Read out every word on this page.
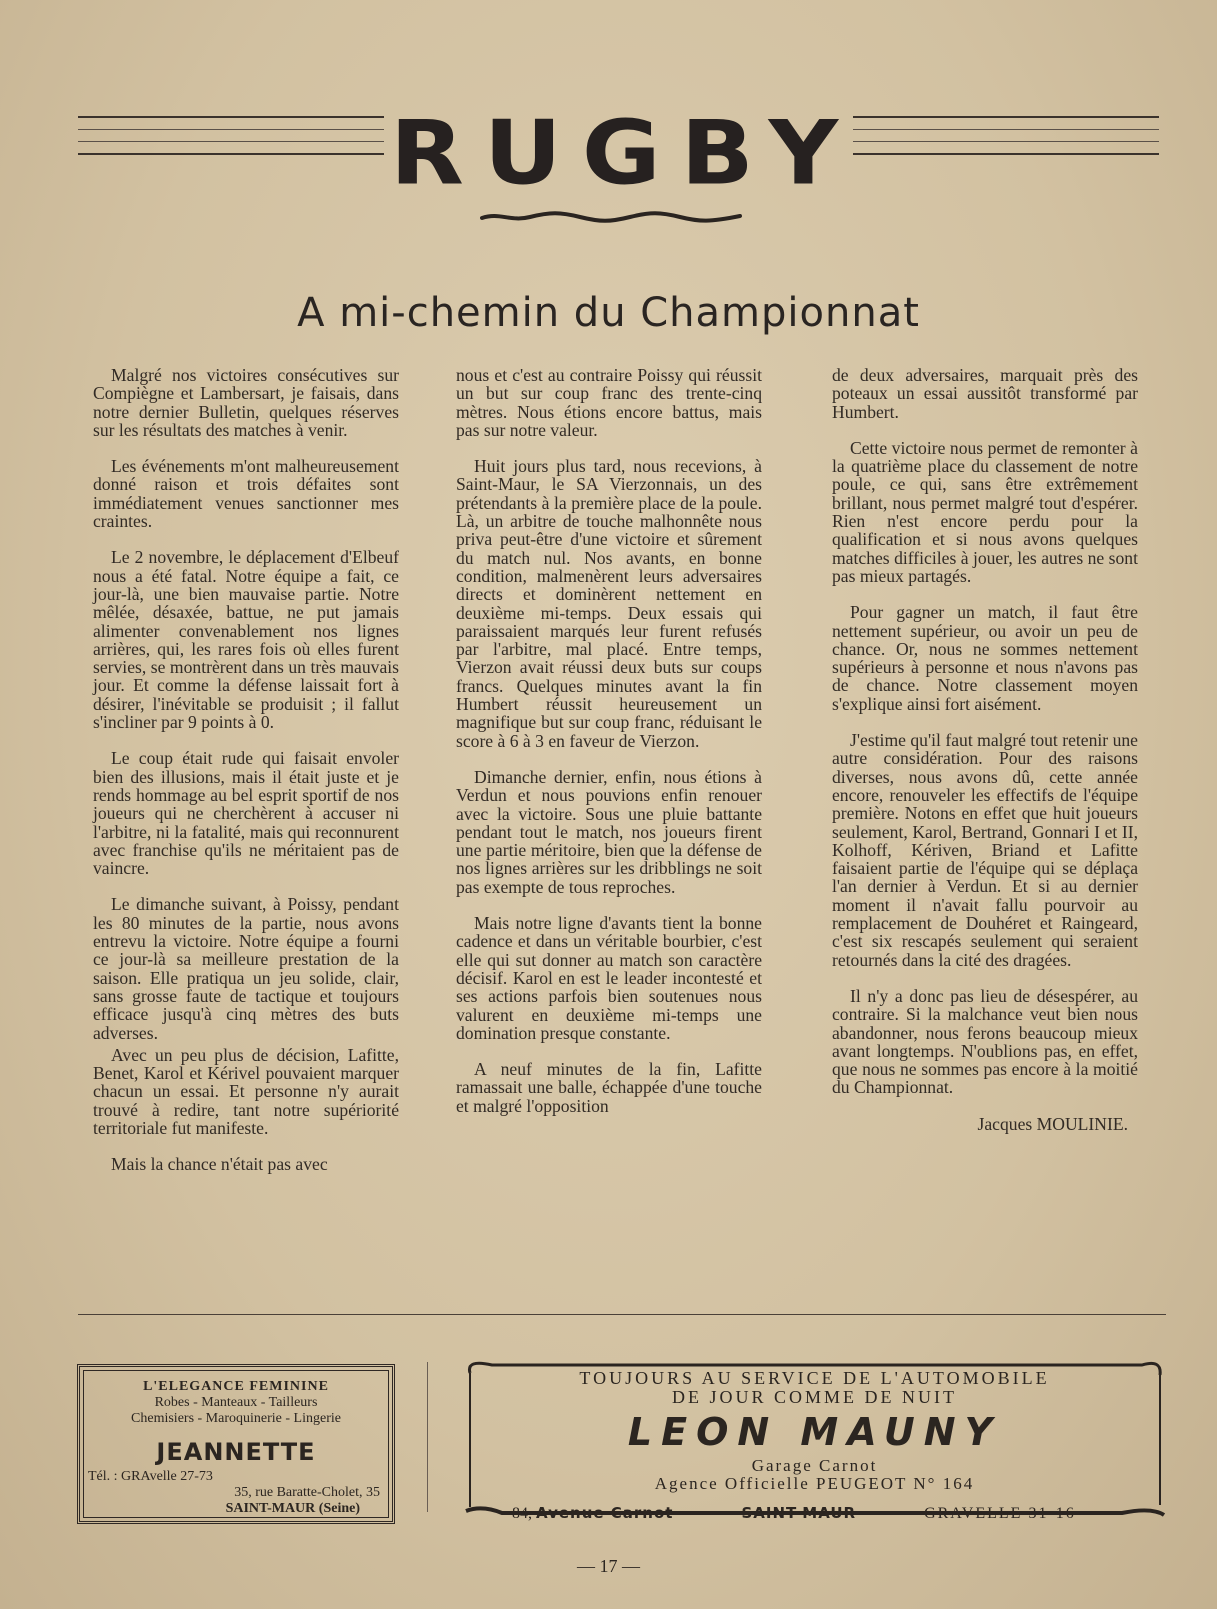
RUGBY
A mi-chemin du Championnat

Malgré nos victoires consécutives sur Compiègne et Lambersart, je faisais, dans notre dernier Bulletin, quelques réserves sur les résultats des matches à venir.

Les événements m'ont malheureusement donné raison et trois défaites sont immédiatement venues sanctionner mes craintes.

Le 2 novembre, le déplacement d'Elbeuf nous a été fatal. Notre équipe a fait, ce jour-là, une bien mauvaise partie. Notre mêlée, désaxée, battue, ne put jamais alimenter convenablement nos lignes arrières, qui, les rares fois où elles furent servies, se montrèrent dans un très mauvais jour. Et comme la défense laissait fort à désirer, l'inévitable se produisit ; il fallut s'incliner par 9 points à 0.

Le coup était rude qui faisait envoler bien des illusions, mais il était juste et je rends hommage au bel esprit sportif de nos joueurs qui ne cherchèrent à accuser ni l'arbitre, ni la fatalité, mais qui reconnurent avec franchise qu'ils ne méritaient pas de vaincre.

Le dimanche suivant, à Poissy, pendant les 80 minutes de la partie, nous avons entrevu la victoire. Notre équipe a fourni ce jour-là sa meilleure prestation de la saison. Elle pratiqua un jeu solide, clair, sans grosse faute de tactique et toujours efficace jusqu'à cinq mètres des buts adverses.

Avec un peu plus de décision, Lafitte, Benet, Karol et Kérivel pouvaient marquer chacun un essai. Et personne n'y aurait trouvé à redire, tant notre supériorité territoriale fut manifeste.

Mais la chance n'était pas avec

nous et c'est au contraire Poissy qui réussit un but sur coup franc des trente-cinq mètres. Nous étions encore battus, mais pas sur notre valeur.

Huit jours plus tard, nous recevions, à Saint-Maur, le SA Vierzonnais, un des prétendants à la première place de la poule. Là, un arbitre de touche malhonnête nous priva peut-être d'une victoire et sûrement du match nul. Nos avants, en bonne condition, malmenèrent leurs adversaires directs et dominèrent nettement en deuxième mi-temps. Deux essais qui paraissaient marqués leur furent refusés par l'arbitre, mal placé. Entre temps, Vierzon avait réussi deux buts sur coups francs. Quelques minutes avant la fin Humbert réussit heureusement un magnifique but sur coup franc, réduisant le score à 6 à 3 en faveur de Vierzon.

Dimanche dernier, enfin, nous étions à Verdun et nous pouvions enfin renouer avec la victoire. Sous une pluie battante pendant tout le match, nos joueurs firent une partie méritoire, bien que la défense de nos lignes arrières sur les dribblings ne soit pas exempte de tous reproches.

Mais notre ligne d'avants tient la bonne cadence et dans un véritable bourbier, c'est elle qui sut donner au match son caractère décisif. Karol en est le leader incontesté et ses actions parfois bien soutenues nous valurent en deuxième mi-temps une domination presque constante.

A neuf minutes de la fin, Lafitte ramassait une balle, échappée d'une touche et malgré l'opposition

de deux adversaires, marquait près des poteaux un essai aussitôt transformé par Humbert.

Cette victoire nous permet de remonter à la quatrième place du classement de notre poule, ce qui, sans être extrêmement brillant, nous permet malgré tout d'espérer. Rien n'est encore perdu pour la qualification et si nous avons quelques matches difficiles à jouer, les autres ne sont pas mieux partagés.

Pour gagner un match, il faut être nettement supérieur, ou avoir un peu de chance. Or, nous ne sommes nettement supérieurs à personne et nous n'avons pas de chance. Notre classement moyen s'explique ainsi fort aisément.

J'estime qu'il faut malgré tout retenir une autre considération. Pour des raisons diverses, nous avons dû, cette année encore, renouveler les effectifs de l'équipe première. Notons en effet que huit joueurs seulement, Karol, Bertrand, Gonnari I et II, Kolhoff, Kériven, Briand et Lafitte faisaient partie de l'équipe qui se déplaça l'an dernier à Verdun. Et si au dernier moment il n'avait fallu pourvoir au remplacement de Douhéret et Raingeard, c'est six rescapés seulement qui seraient retournés dans la cité des dragées.

Il n'y a donc pas lieu de désespérer, au contraire. Si la malchance veut bien nous abandonner, nous ferons beaucoup mieux avant longtemps. N'oublions pas, en effet, que nous ne sommes pas encore à la moitié du Championnat.

Jacques MOULINIE.

L'ELEGANCE FEMININE
Robes - Manteaux - Tailleurs
Chemisiers - Maroquinerie - Lingerie
JEANNETTE
Tél. : GRAvelle 27-73
35, rue Baratte-Cholet, 35
SAINT-MAUR (Seine)
TOUJOURS AU SERVICE DE L'AUTOMOBILE
DE JOUR COMME DE NUIT
LEON MAUNY
Garage Carnot
Agence Officielle PEUGEOT N° 164
84, Avenue Carnot — SAINT-MAUR	GRAVELLE 31-16
— 17 —
